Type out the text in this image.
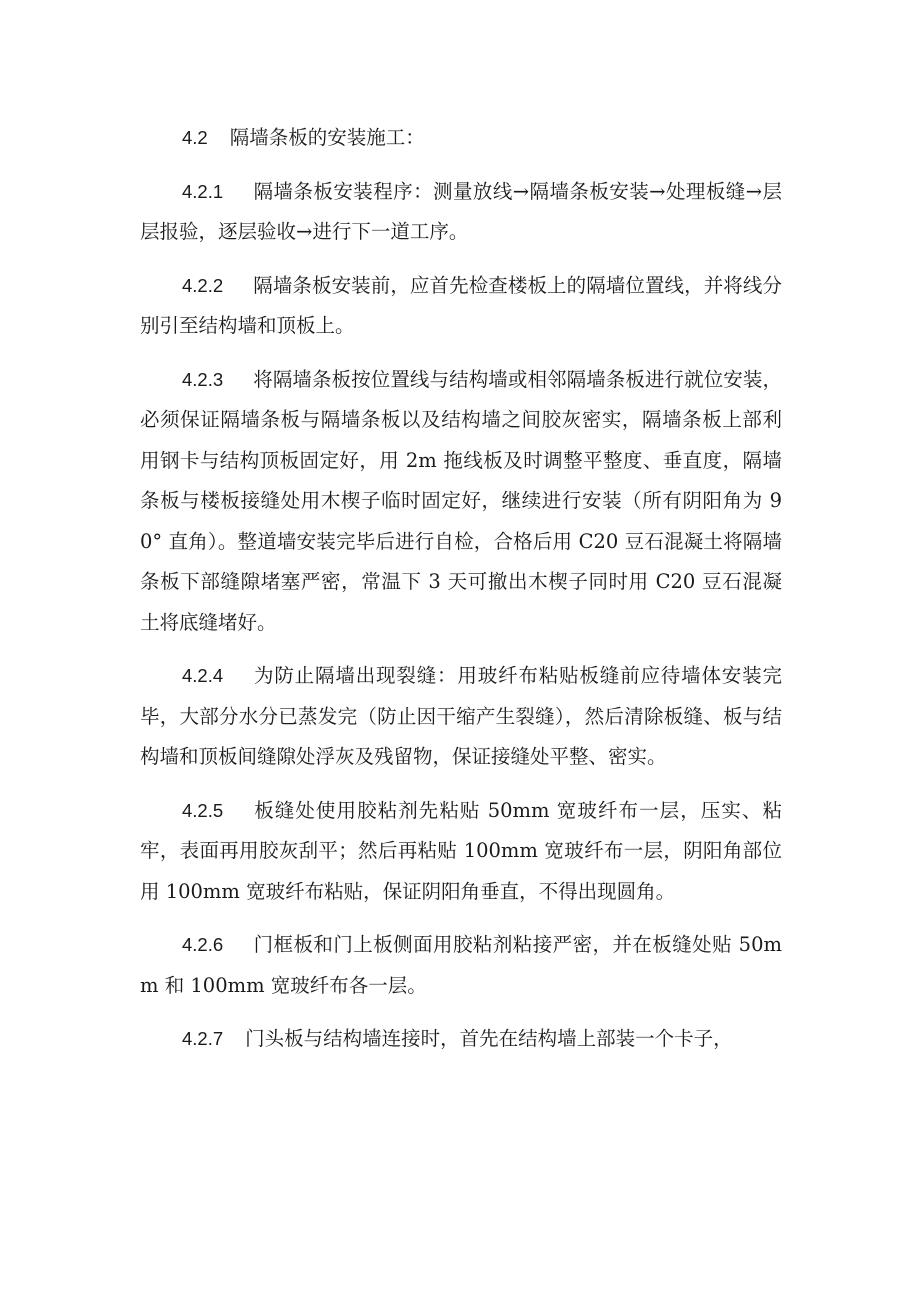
4.2 隔墙条板的安装施工：

4.2.1 隔墙条板安装程序：测量放线→隔墙条板安装→处理板缝→层层报验，逐层验收→进行下一道工序。

4.2.2 隔墙条板安装前，应首先检查楼板上的隔墙位置线，并将线分别引至结构墙和顶板上。

4.2.3 将隔墙条板按位置线与结构墙或相邻隔墙条板进行就位安装，必须保证隔墙条板与隔墙条板以及结构墙之间胶灰密实，隔墙条板上部利用钢卡与结构顶板固定好，用 2m 拖线板及时调整平整度、垂直度，隔墙条板与楼板接缝处用木楔子临时固定好，继续进行安装（所有阴阳角为 90° 直角）。整道墙安装完毕后进行自检，合格后用 C20 豆石混凝土将隔墙条板下部缝隙堵塞严密，常温下 3 天可撤出木楔子同时用 C20 豆石混凝土将底缝堵好。

4.2.4 为防止隔墙出现裂缝：用玻纤布粘贴板缝前应待墙体安装完毕，大部分水分已蒸发完（防止因干缩产生裂缝），然后清除板缝、板与结构墙和顶板间缝隙处浮灰及残留物，保证接缝处平整、密实。

4.2.5 板缝处使用胶粘剂先粘贴 50mm 宽玻纤布一层，压实、粘牢，表面再用胶灰刮平；然后再粘贴 100mm 宽玻纤布一层，阴阳角部位用 100mm 宽玻纤布粘贴，保证阴阳角垂直，不得出现圆角。

4.2.6 门框板和门上板侧面用胶粘剂粘接严密，并在板缝处贴 50mm 和 100mm 宽玻纤布各一层。

4.2.7 门头板与结构墙连接时，首先在结构墙上部装一个卡子，
